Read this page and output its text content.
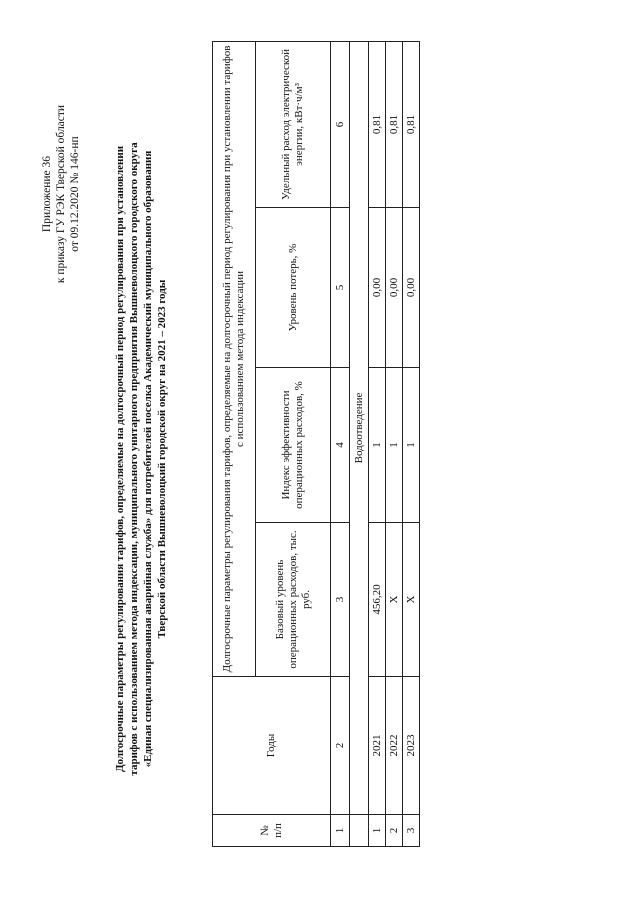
Приложение 36 к приказу ГУ РЭК Тверской области от 09.12.2020 № 146-нп	Долгосрочные параметры регулирования тарифов, определяемые на долгосрочный период регулирования при установлении тарифов с использованием метода индексации, муниципального унитарного предприятия Вышневолоцкого городского округа «Единая специализированная аварийная служба» для потребителей поселка Академический муниципального образования Тверской области Вышневолоцкий городской округ на 2021 – 2023 годы
№
п/п	Годы	Долгосрочные параметры регулирования тарифов, определяемые на долгосрочный период регулирования при установлении тарифов с использованием метода индексации			
		Базовый уровень операционных расходов, тыс. руб.	Индекс эффективности операционных расходов, %	Уровень потерь, %	Удельный расход электрической энергии, кВт·ч/м³
1	2	3	4	5	6
	Водоотведение				
1	2021	456,20	1	0,00	0,81
2	2022	X	1	0,00	0,81
3	2023	X	1	0,00	0,81
